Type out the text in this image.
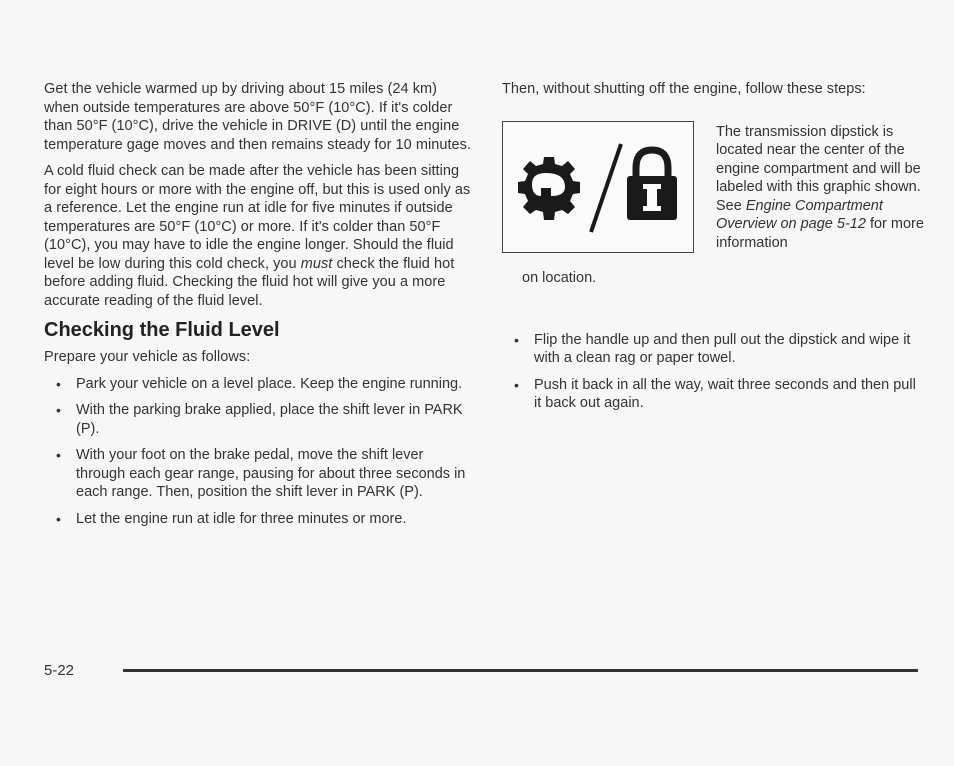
Get the vehicle warmed up by driving about 15 miles (24 km) when outside temperatures are above 50°F (10°C). If it's colder than 50°F (10°C), drive the vehicle in DRIVE (D) until the engine temperature gage moves and then remains steady for 10 minutes.

A cold fluid check can be made after the vehicle has been sitting for eight hours or more with the engine off, but this is used only as a reference. Let the engine run at idle for five minutes if outside temperatures are 50°F (10°C) or more. If it's colder than 50°F (10°C), you may have to idle the engine longer. Should the fluid level be low during this cold check, you must check the fluid hot before adding fluid. Checking the fluid hot will give you a more accurate reading of the fluid level.

Checking the Fluid Level

Prepare your vehicle as follows:

• Park your vehicle on a level place. Keep the engine running.
• With the parking brake applied, place the shift lever in PARK (P).
• With your foot on the brake pedal, move the shift lever through each gear range, pausing for about three seconds in each range. Then, position the shift lever in PARK (P).
• Let the engine run at idle for three minutes or more.

Then, without shutting off the engine, follow these steps:

The transmission dipstick is located near the center of the engine compartment and will be labeled with this graphic shown. See Engine Compartment Overview on page 5-12 for more information
on location.
• Flip the handle up and then pull out the dipstick and wipe it with a clean rag or paper towel.
• Push it back in all the way, wait three seconds and then pull it back out again.
5-22
